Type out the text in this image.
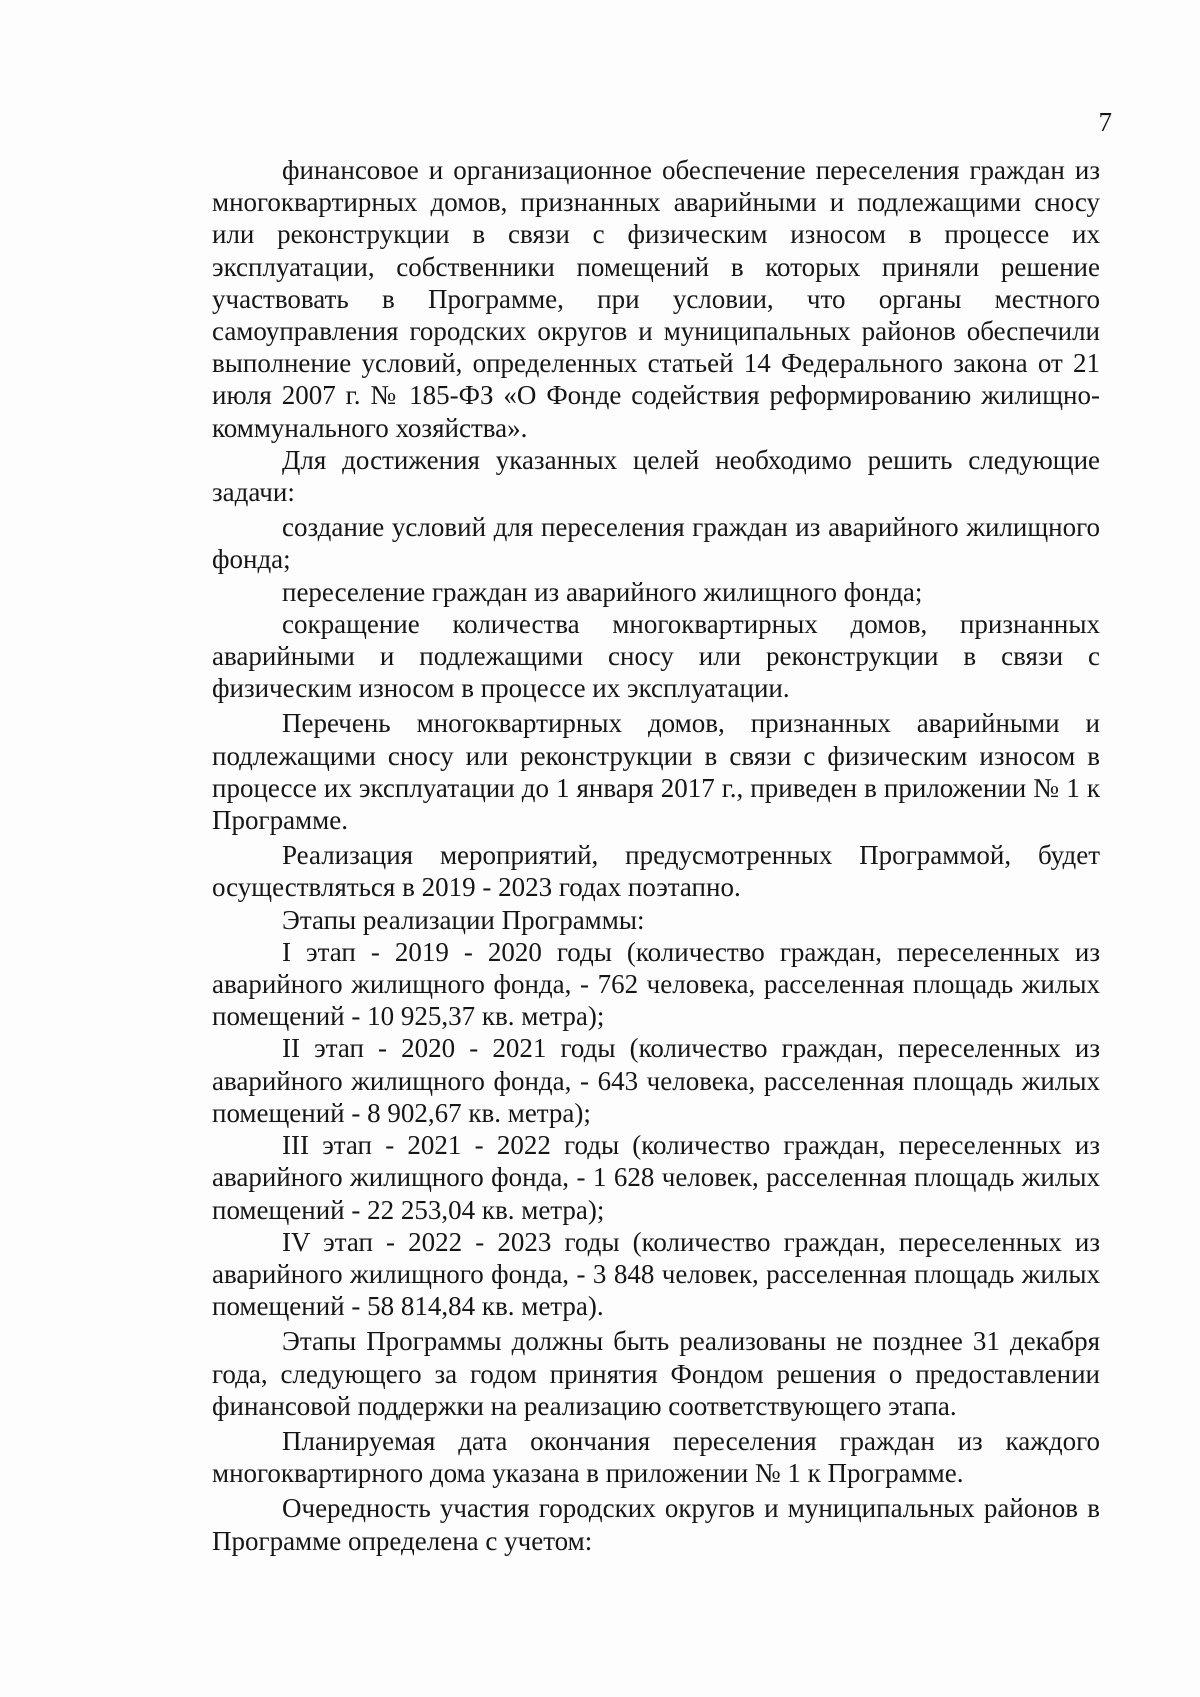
7

финансовое и организационное обеспечение переселения граждан из многоквартирных домов, признанных аварийными и подлежащими сносу или реконструкции в связи с физическим износом в процессе их эксплуатации, собственники помещений в которых приняли решение участвовать в Программе, при условии, что органы местного самоуправления городских округов и муниципальных районов обеспечили выполнение условий, определенных статьей 14 Федерального закона от 21 июля 2007 г. № 185-ФЗ «О Фонде содействия реформированию жилищно-коммунального хозяйства».

Для достижения указанных целей необходимо решить следующие задачи:

создание условий для переселения граждан из аварийного жилищного фонда;

переселение граждан из аварийного жилищного фонда;

сокращение количества многоквартирных домов, признанных аварийными и подлежащими сносу или реконструкции в связи с физическим износом в процессе их эксплуатации.

Перечень многоквартирных домов, признанных аварийными и подлежащими сносу или реконструкции в связи с физическим износом в процессе их эксплуатации до 1 января 2017 г., приведен в приложении № 1 к Программе.

Реализация мероприятий, предусмотренных Программой, будет осуществляться в 2019 - 2023 годах поэтапно.

Этапы реализации Программы:

I этап - 2019 - 2020 годы (количество граждан, переселенных из аварийного жилищного фонда, - 762 человека, расселенная площадь жилых помещений - 10 925,37 кв. метра);

II этап - 2020 - 2021 годы (количество граждан, переселенных из аварийного жилищного фонда, - 643 человека, расселенная площадь жилых помещений - 8 902,67 кв. метра);

III этап - 2021 - 2022 годы (количество граждан, переселенных из аварийного жилищного фонда, - 1 628 человек, расселенная площадь жилых помещений - 22 253,04 кв. метра);

IV этап - 2022 - 2023 годы (количество граждан, переселенных из аварийного жилищного фонда, - 3 848 человек, расселенная площадь жилых помещений - 58 814,84 кв. метра).

Этапы Программы должны быть реализованы не позднее 31 декабря года, следующего за годом принятия Фондом решения о предоставлении финансовой поддержки на реализацию соответствующего этапа.

Планируемая дата окончания переселения граждан из каждого многоквартирного дома указана в приложении № 1 к Программе.

Очередность участия городских округов и муниципальных районов в Программе определена с учетом:
